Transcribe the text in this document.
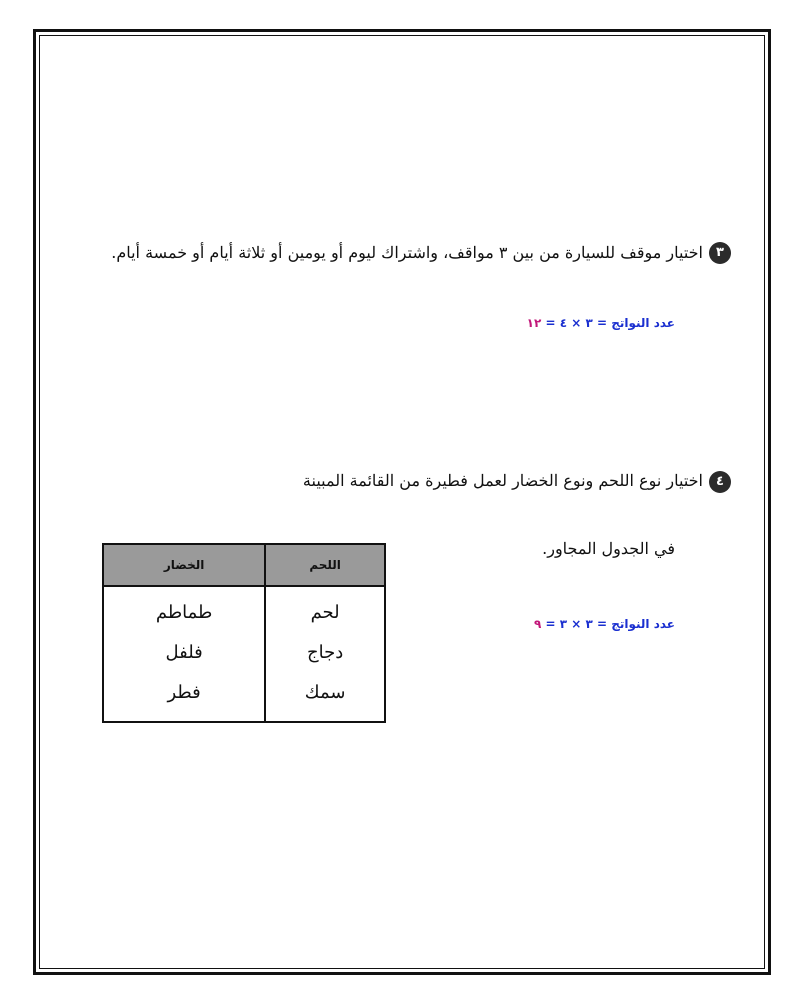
٣
اختيار موقف للسيارة من بين ٣ مواقف، واشتراك ليوم أو يومين أو ثلاثة أيام أو خمسة أيام.
عدد النواتج = ٣ × ٤ = ١٢
٤
اختيار نوع اللحم ونوع الخضار لعمل فطيرة من القائمة المبينة
في الجدول المجاور.
عدد النواتج = ٣ × ٣ = ٩
اللحم	الخضار
لحم	طماطم
دجاج	فلفل
سمك	فطر
